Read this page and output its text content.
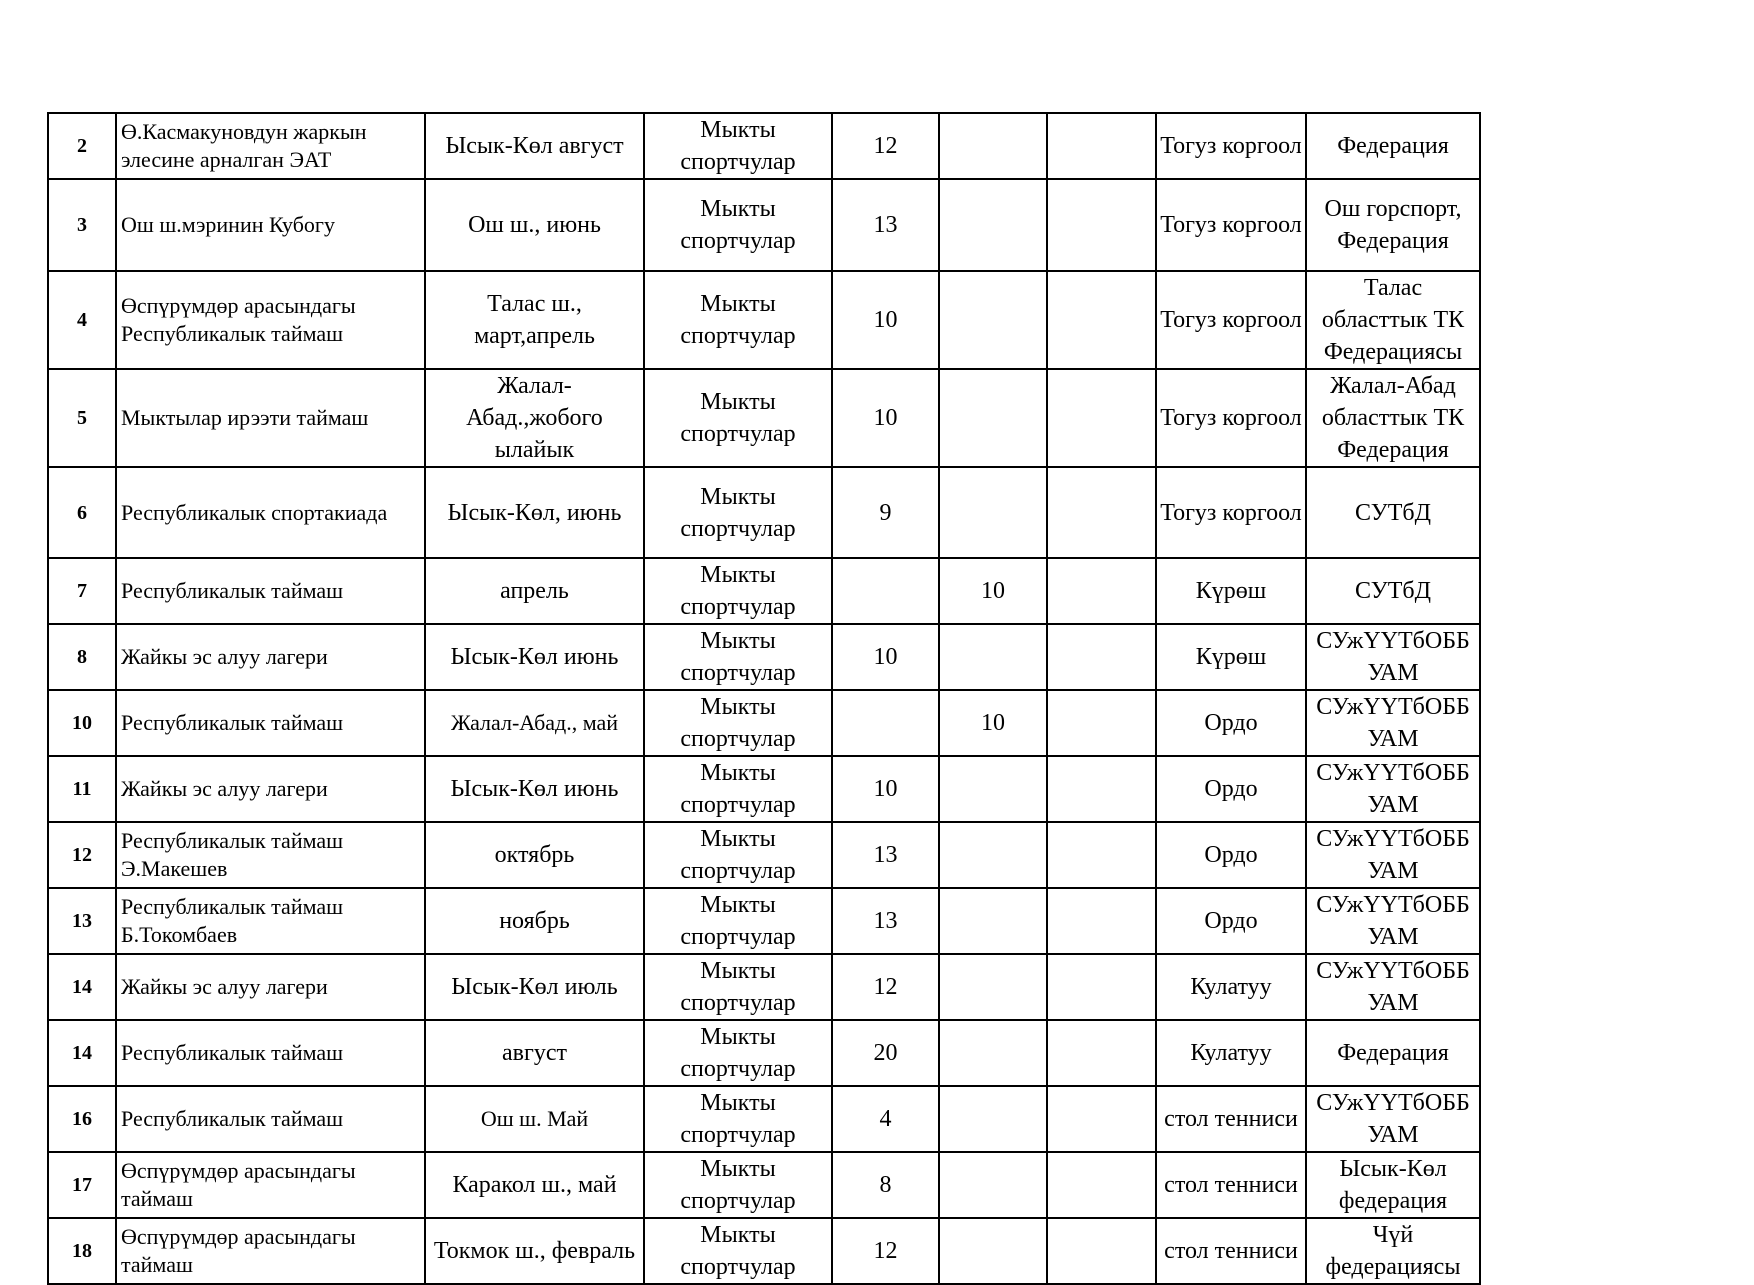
2	Ө.Касмакуновдун жаркын элесине арналган ЭАТ	Ысык-Көл август	Мыкты спортчулар	12			Тогуз коргоол	Федерация
3	Ош ш.мэринин Кубогу	Ош ш., июнь	Мыкты спортчулар	13			Тогуз коргоол	Ош горспорт, Федерация
4	Өспүрүмдөр арасындагы Республикалык таймаш	Талас ш., март,апрель	Мыкты спортчулар	10			Тогуз коргоол	Талас областтык ТК Федерациясы
5	Мыктылар ирээти таймаш	Жалал-Абад.,жобого ылайык	Мыкты спортчулар	10			Тогуз коргоол	Жалал-Абад областтык ТК Федерация
6	Республикалык спортакиада	Ысык-Көл, июнь	Мыкты спортчулар	9			Тогуз коргоол	СУТбД
7	Республикалык таймаш	апрель	Мыкты спортчулар		10		Күрөш	СУТбД
8	Жайкы эс алуу лагери	Ысык-Көл июнь	Мыкты спортчулар	10			Күрөш	СУжҮҮТбОББ УАМ
10	Республикалык таймаш	Жалал-Абад., май	Мыкты спортчулар		10		Ордо	СУжҮҮТбОББ УАМ
11	Жайкы эс алуу лагери	Ысык-Көл июнь	Мыкты спортчулар	10			Ордо	СУжҮҮТбОББ УАМ
12	Республикалык таймаш Э.Макешев	октябрь	Мыкты спортчулар	13			Ордо	СУжҮҮТбОББ УАМ
13	Республикалык таймаш Б.Токомбаев	ноябрь	Мыкты спортчулар	13			Ордо	СУжҮҮТбОББ УАМ
14	Жайкы эс алуу лагери	Ысык-Көл июль	Мыкты спортчулар	12			Кулатуу	СУжҮҮТбОББ УАМ
14	Республикалык таймаш	август	Мыкты спортчулар	20			Кулатуу	Федерация
16	Республикалык таймаш	Ош ш. Май	Мыкты спортчулар	4			стол тенниси	СУжҮҮТбОББ УАМ
17	Өспүрүмдөр арасындагы таймаш	Каракол ш., май	Мыкты спортчулар	8			стол тенниси	Ысык-Көл федерация
18	Өспүрүмдөр арасындагы таймаш	Токмок ш., февраль	Мыкты спортчулар	12			стол тенниси	Чүй федерациясы
